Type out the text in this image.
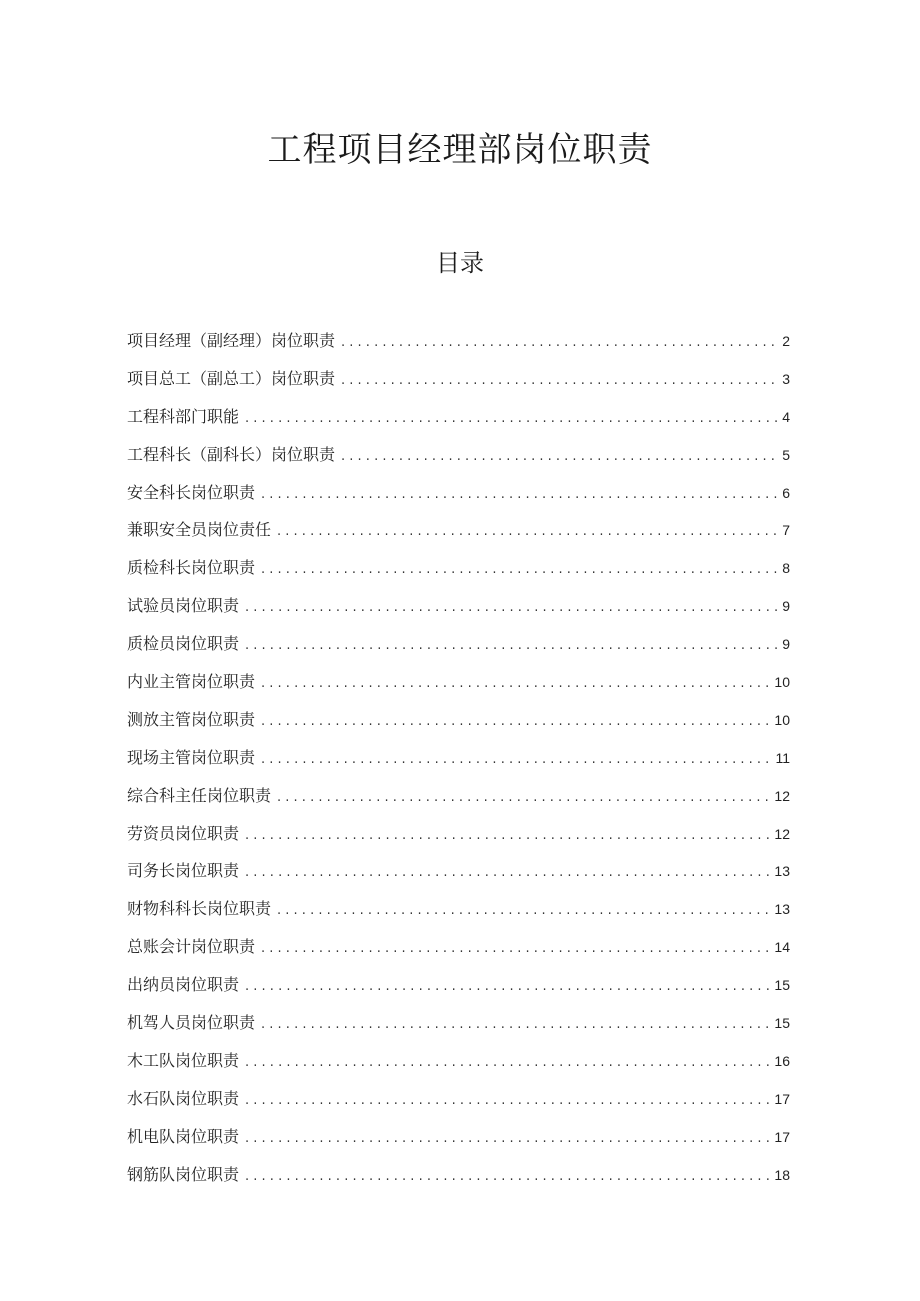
工程项目经理部岗位职责
目录
项目经理（副经理）岗位职责 . . .	2
项目总工（副总工）岗位职责 . . .	3
工程科部门职能 . . .	4
工程科长（副科长）岗位职责 . . .	5
安全科长岗位职责 . . .	6
兼职安全员岗位责任 . . .	7
质检科长岗位职责 . . .	8
试验员岗位职责 . . .	9
质检员岗位职责 . . .	9
内业主管岗位职责 . . .	10
测放主管岗位职责 . . .	10
现场主管岗位职责 . . .	11
综合科主任岗位职责 . . .	12
劳资员岗位职责 . . .	12
司务长岗位职责 . . .	13
财物科科长岗位职责 . . .	13
总账会计岗位职责 . . .	14
出纳员岗位职责 . . .	15
机驾人员岗位职责 . . .	15
木工队岗位职责 . . .	16
水石队岗位职责 . . .	17
机电队岗位职责 . . .	17
钢筋队岗位职责 . . .	18
